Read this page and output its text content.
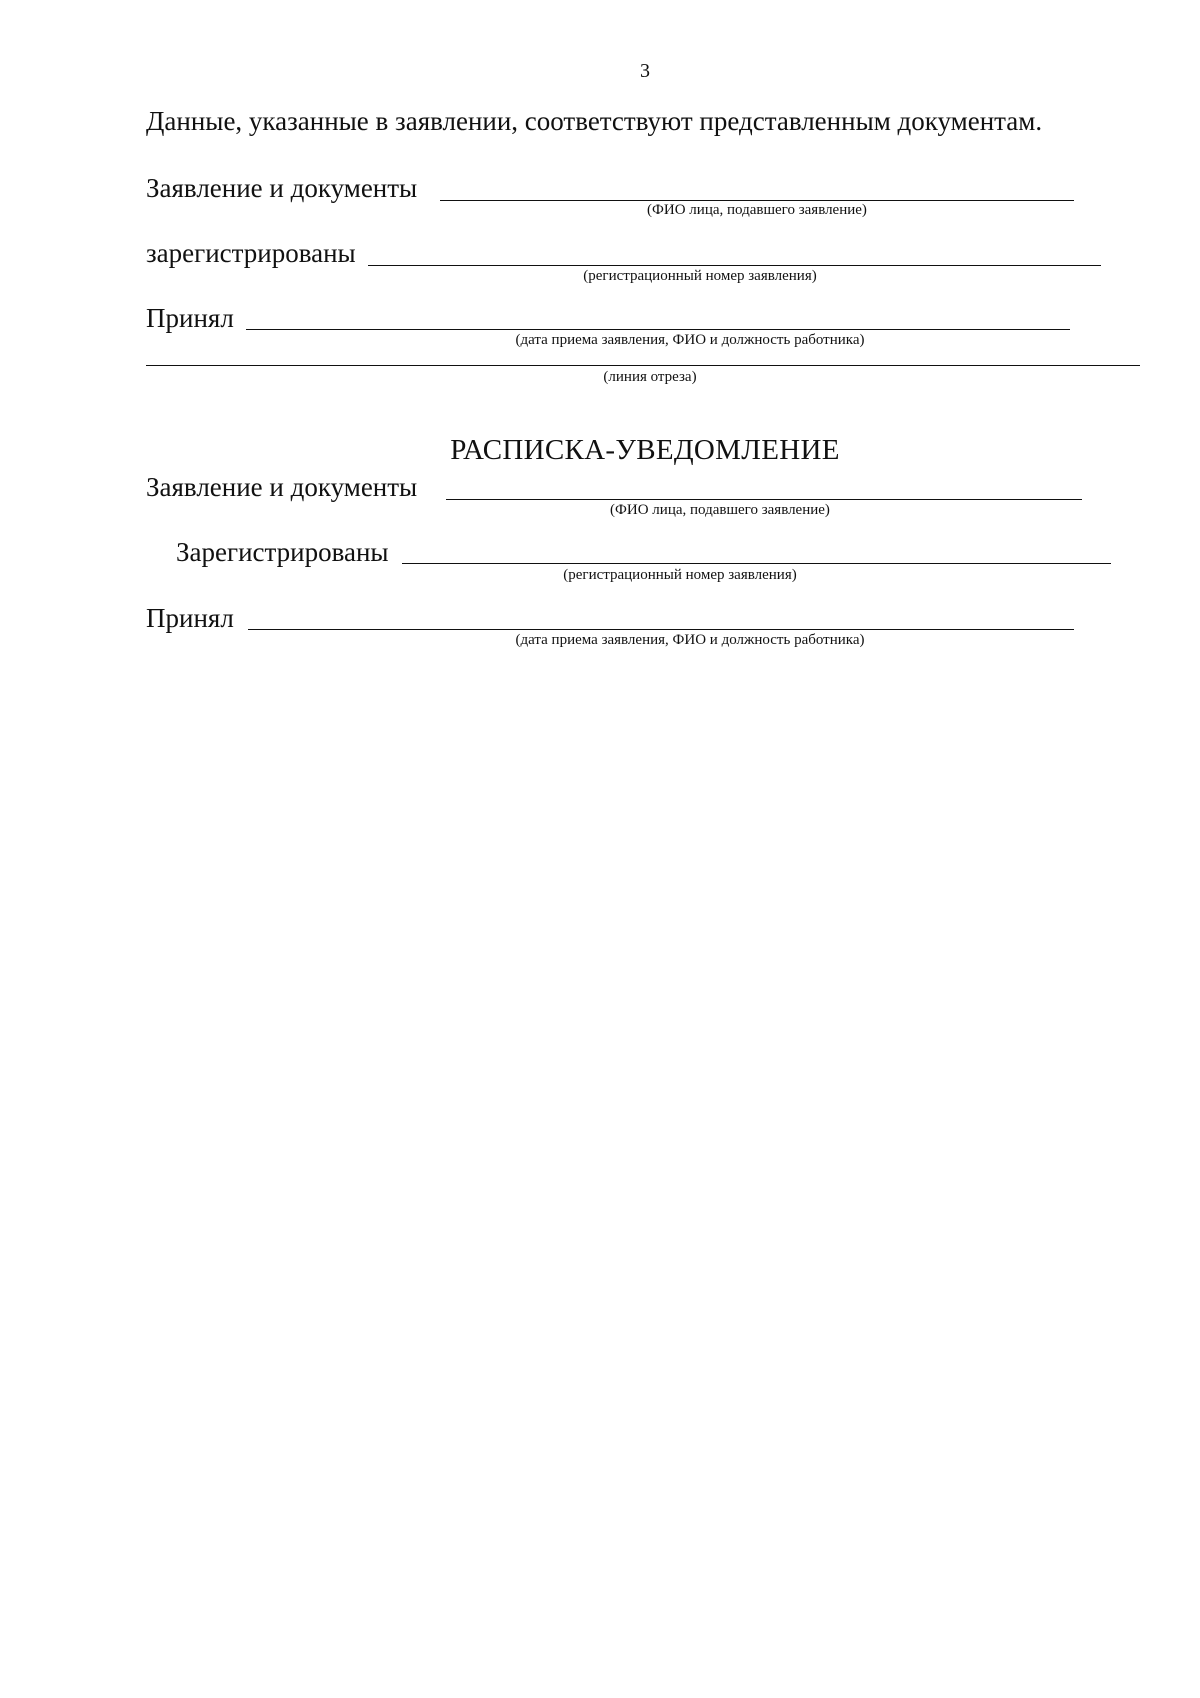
3
Данные, указанные в заявлении, соответствуют представленным документам.
Заявление и документы
(ФИО лица, подавшего заявление)
зарегистрированы
(регистрационный номер заявления)
Принял
(дата приема заявления, ФИО и должность работника)
(линия отреза)
РАСПИСКА-УВЕДОМЛЕНИЕ
Заявление и документы
(ФИО лица, подавшего заявление)
Зарегистрированы
(регистрационный номер заявления)
Принял
(дата приема заявления, ФИО и должность работника)
